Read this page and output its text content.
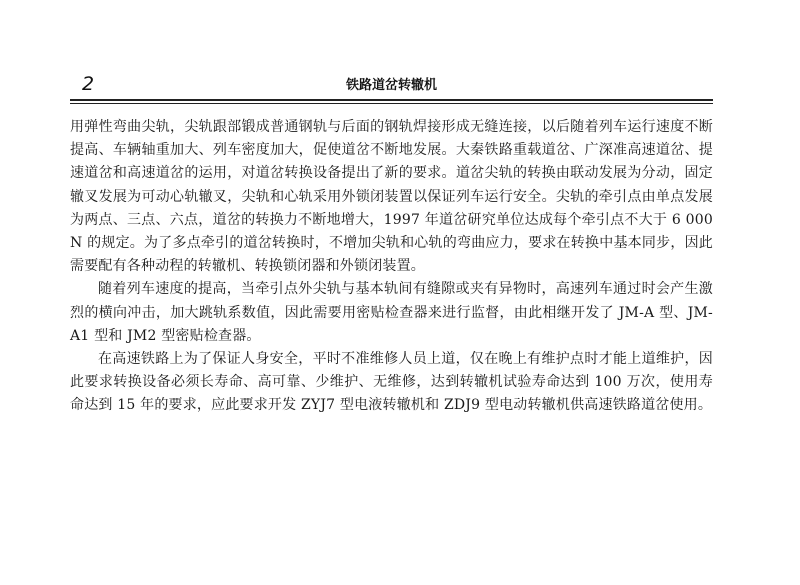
2	铁路道岔转辙机

用弹性弯曲尖轨，尖轨跟部锻成普通钢轨与后面的钢轨焊接形成无缝连接，以后随着列车运行速度不断提高、车辆轴重加大、列车密度加大，促使道岔不断地发展。大秦铁路重载道岔、广深准高速道岔、提速道岔和高速道岔的运用，对道岔转换设备提出了新的要求。道岔尖轨的转换由联动发展为分动，固定辙叉发展为可动心轨辙叉，尖轨和心轨采用外锁闭装置以保证列车运行安全。尖轨的牵引点由单点发展为两点、三点、六点，道岔的转换力不断地增大，1997 年道岔研究单位达成每个牵引点不大于 6 000 N 的规定。为了多点牵引的道岔转换时，不增加尖轨和心轨的弯曲应力，要求在转换中基本同步，因此需要配有各种动程的转辙机、转换锁闭器和外锁闭装置。

随着列车速度的提高，当牵引点外尖轨与基本轨间有缝隙或夹有异物时，高速列车通过时会产生激烈的横向冲击，加大跳轨系数值，因此需要用密贴检查器来进行监督，由此相继开发了 JM-A 型、JM-A1 型和 JM2 型密贴检查器。

在高速铁路上为了保证人身安全，平时不准维修人员上道，仅在晚上有维护点时才能上道维护，因此要求转换设备必须长寿命、高可靠、少维护、无维修，达到转辙机试验寿命达到 100 万次，使用寿命达到 15 年的要求，应此要求开发 ZYJ7 型电液转辙机和 ZDJ9 型电动转辙机供高速铁路道岔使用。
